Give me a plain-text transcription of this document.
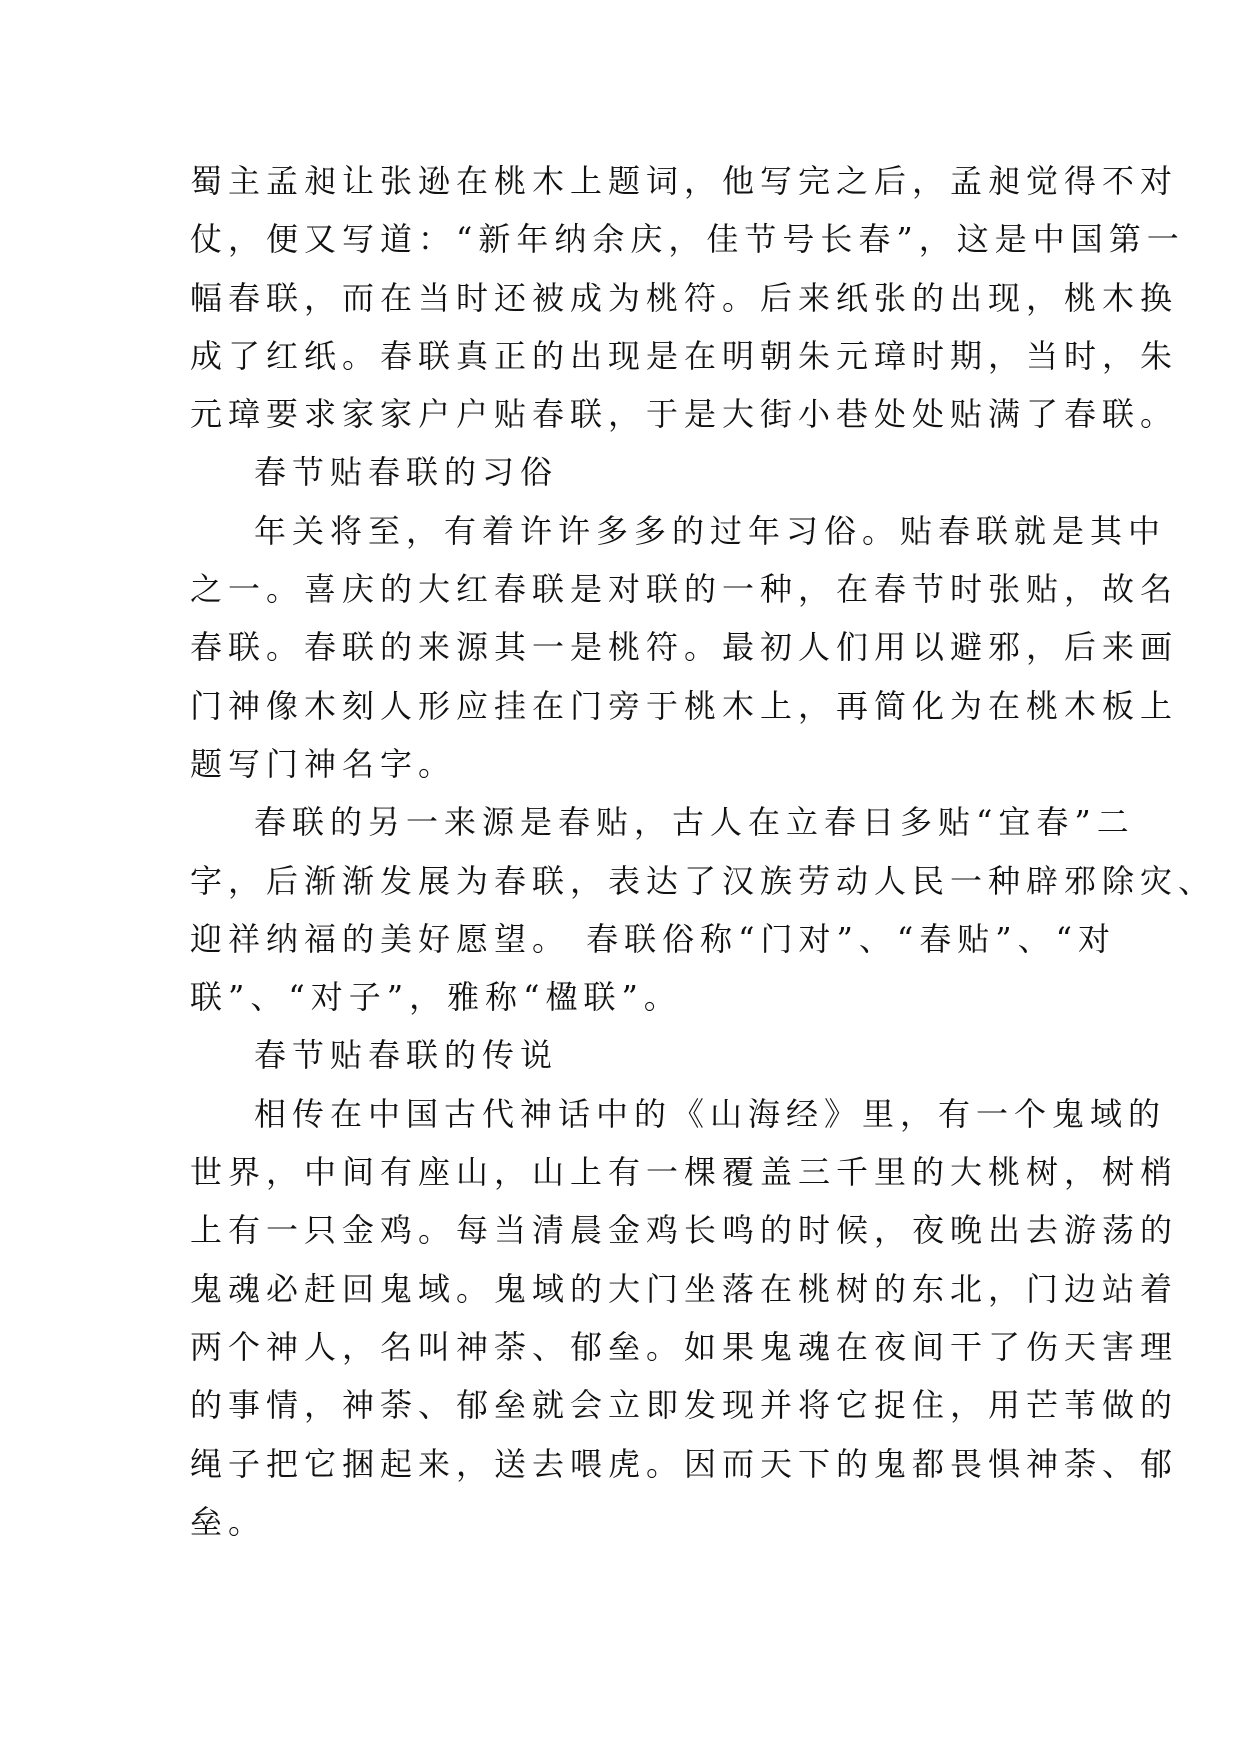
蜀主孟昶让张逊在桃木上题词，他写完之后，孟昶觉得不对
仗，便又写道：“新年纳余庆，佳节号长春”，这是中国第一
幅春联，而在当时还被成为桃符。后来纸张的出现，桃木换
成了红纸。春联真正的出现是在明朝朱元璋时期，当时，朱
元璋要求家家户户贴春联，于是大街小巷处处贴满了春联。
春节贴春联的习俗
年关将至，有着许许多多的过年习俗。贴春联就是其中
之一。喜庆的大红春联是对联的一种，在春节时张贴，故名
春联。春联的来源其一是桃符。最初人们用以避邪，后来画
门神像木刻人形应挂在门旁于桃木上，再简化为在桃木板上
题写门神名字。
春联的另一来源是春贴，古人在立春日多贴“宜春”二
字，后渐渐发展为春联，表达了汉族劳动人民一种辟邪除灾、
迎祥纳福的美好愿望。 春联俗称“门对”、“春贴”、“对
联”、“对子”，雅称“楹联”。
春节贴春联的传说
相传在中国古代神话中的《山海经》里，有一个鬼域的
世界，中间有座山，山上有一棵覆盖三千里的大桃树，树梢
上有一只金鸡。每当清晨金鸡长鸣的时候，夜晚出去游荡的
鬼魂必赶回鬼域。鬼域的大门坐落在桃树的东北，门边站着
两个神人，名叫神荼、郁垒。如果鬼魂在夜间干了伤天害理
的事情，神荼、郁垒就会立即发现并将它捉住，用芒苇做的
绳子把它捆起来，送去喂虎。因而天下的鬼都畏惧神荼、郁
垒。
